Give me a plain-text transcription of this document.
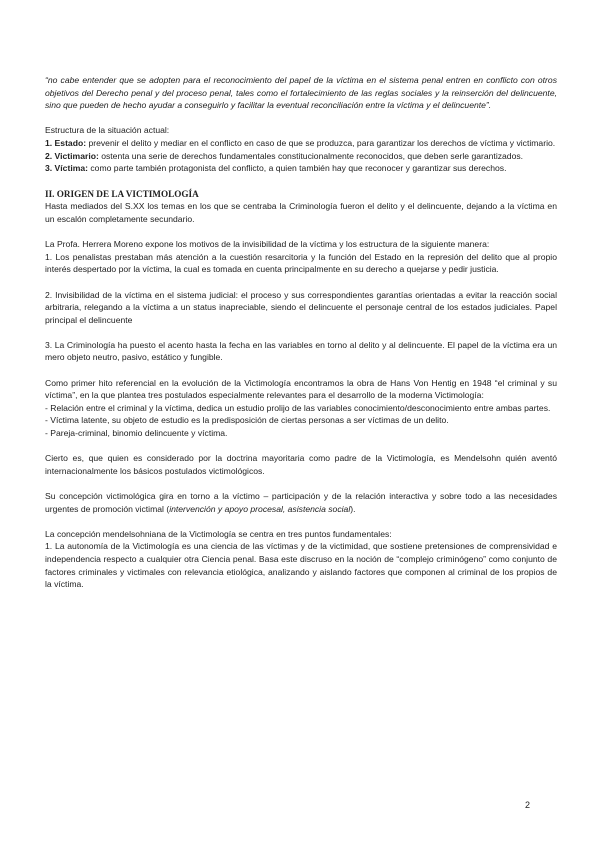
“no cabe entender que se adopten para el reconocimiento del papel de la víctima en el sistema penal entren en conflicto con otros objetivos del Derecho penal y del proceso penal, tales como el fortalecimiento de las reglas sociales y la reinserción del delincuente, sino que pueden de hecho ayudar a conseguirlo y facilitar la eventual reconciliación entre la víctima y el delincuente”.

Estructura de la situación actual:

1. Estado: prevenir el delito y mediar en el conflicto en caso de que se produzca, para garantizar los derechos de víctima y victimario.

2. Victimario: ostenta una serie de derechos fundamentales constitucionalmente reconocidos, que deben serle garantizados.

3. Víctima: como parte también protagonista del conflicto, a quien también hay que reconocer y garantizar sus derechos.

II. ORIGEN DE LA VICTIMOLOGÍA

Hasta mediados del S.XX los temas en los que se centraba la Criminología fueron el delito y el delincuente, dejando a la víctima en un escalón completamente secundario.

La Profa. Herrera Moreno expone los motivos de la invisibilidad de la víctima y los estructura de la siguiente manera:

1. Los penalistas prestaban más atención a la cuestión resarcitoria y la función del Estado en la represión del delito que al propio interés despertado por la víctima, la cual es tomada en cuenta principalmente en su derecho a quejarse y pedir justicia.

2. Invisibilidad de la víctima en el sistema judicial: el proceso y sus correspondientes garantías orientadas a evitar la reacción social arbitraria, relegando a la víctima a un status inapreciable, siendo el delincuente el personaje central de los estados judiciales. Papel principal el delincuente

3. La Criminología ha puesto el acento hasta la fecha en las variables en torno al delito y al delincuente. El papel de la víctima era un mero objeto neutro, pasivo, estático y fungible.

Como primer hito referencial en la evolución de la Victimología encontramos la obra de Hans Von Hentig en 1948 “el criminal y su víctima”, en la que plantea tres postulados especialmente relevantes para el desarrollo de la moderna Victimología:

- Relación entre el criminal y la víctima, dedica un estudio prolijo de las variables conocimiento/desconocimiento entre ambas partes.

- Víctima latente, su objeto de estudio es la predisposición de ciertas personas a ser víctimas de un delito.

- Pareja-criminal, binomio delincuente y víctima.

Cierto es, que quien es considerado por la doctrina mayoritaria como padre de la Victimología, es Mendelsohn quién aventó internacionalmente los básicos postulados victimológicos.

Su concepción victimológica gira en torno a la víctimo – participación y de la relación interactiva y sobre todo a las necesidades urgentes de promoción victimal (intervención y apoyo procesal, asistencia social).

La concepción mendelsohniana de la Victimología se centra en tres puntos fundamentales:

1. La autonomía de la Victimología es una ciencia de las víctimas y de la victimidad, que sostiene pretensiones de comprensividad e independencia respecto a cualquier otra Ciencia penal. Basa este discruso en la noción de “complejo criminógeno” como conjunto de factores criminales y victimales con relevancia etiológica, analizando y aislando factores que componen al criminal de los propios de la víctima.

2
